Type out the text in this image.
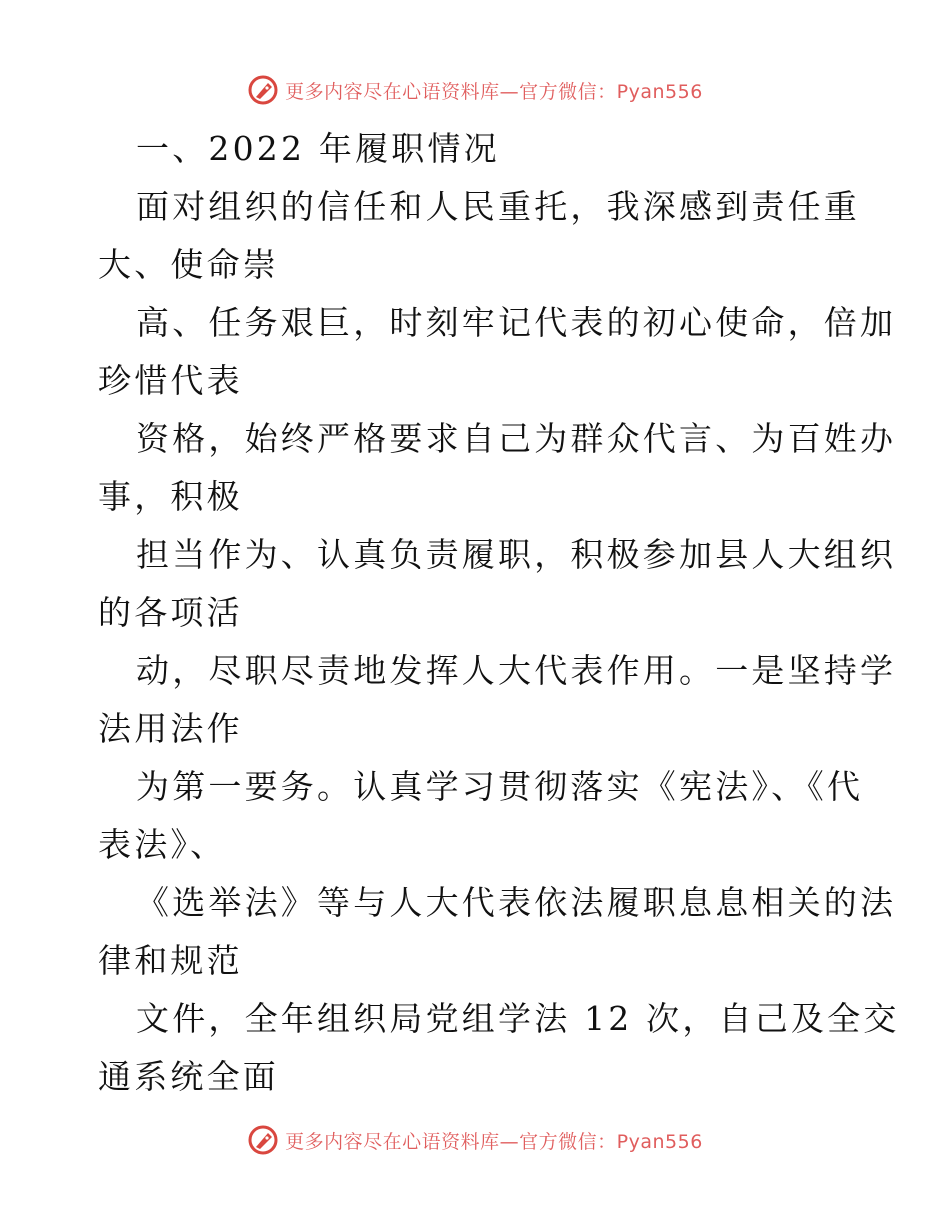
更多内容尽在心语资料库—官方微信：Pyan556
一、2022 年履职情况
面对组织的信任和人民重托，我深感到责任重
大、使命崇
高、任务艰巨，时刻牢记代表的初心使命，倍加
珍惜代表
资格，始终严格要求自己为群众代言、为百姓办
事，积极
担当作为、认真负责履职，积极参加县人大组织
的各项活
动，尽职尽责地发挥人大代表作用。一是坚持学
法用法作
为第一要务。认真学习贯彻落实《宪法》、《代
表法》、
《选举法》等与人大代表依法履职息息相关的法
律和规范
文件，全年组织局党组学法 12 次，自己及全交
通系统全面
更多内容尽在心语资料库—官方微信：Pyan556
